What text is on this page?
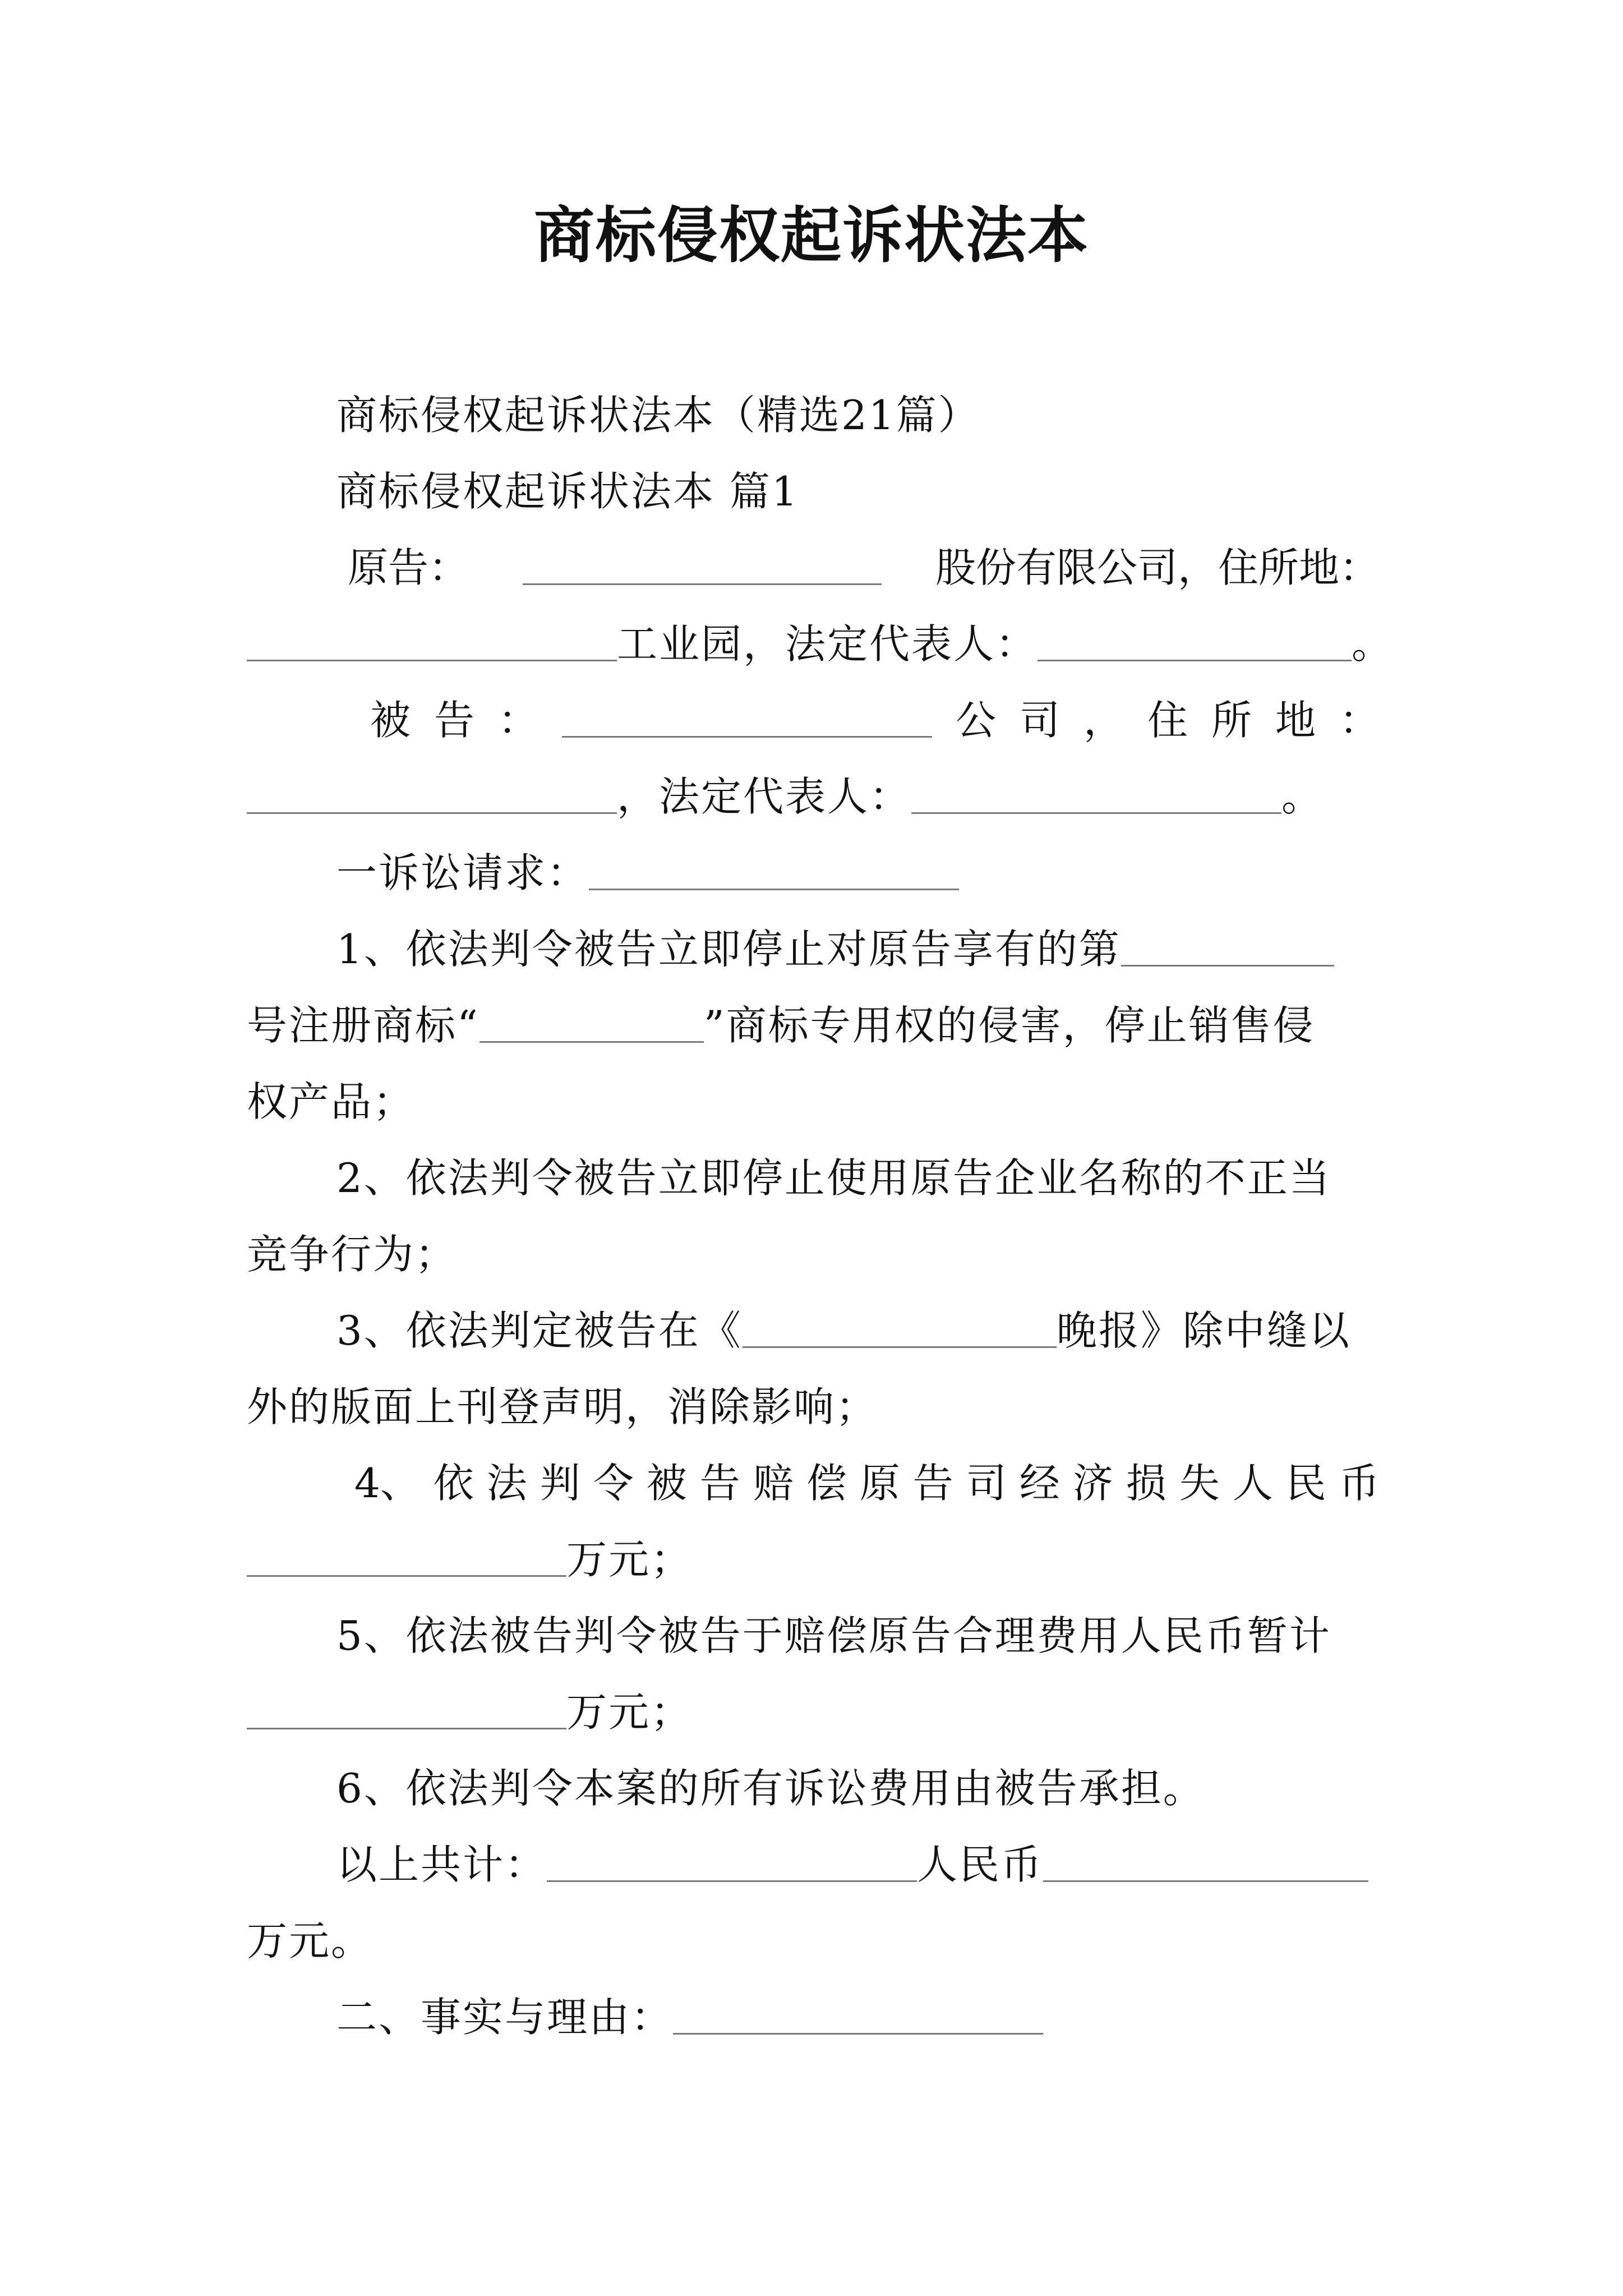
商标侵权起诉状法本
商标侵权起诉状法本（精选21篇）
商标侵权起诉状法本 篇1
原告：	股份有限公司，住所地：
工业园，法定代表人：	。
被 告 ：	公 司 ， 住 所 地 ：
，法定代表人：	。
一诉讼请求：
1、依法判令被告立即停止对原告享有的第
号注册商标“	”商标专用权的侵害，停止销售侵
权产品；
2、依法判令被告立即停止使用原告企业名称的不正当
竞争行为；
3、依法判定被告在《	晚报》除中缝以
外的版面上刊登声明，消除影响；
4、 依 法 判 令 被 告 赔 偿 原 告 司 经 济 损 失 人 民 币
万元；
5、依法被告判令被告于赔偿原告合理费用人民币暂计
万元；
6、依法判令本案的所有诉讼费用由被告承担。
以上共计：	人民币
万元。
二、事实与理由：
